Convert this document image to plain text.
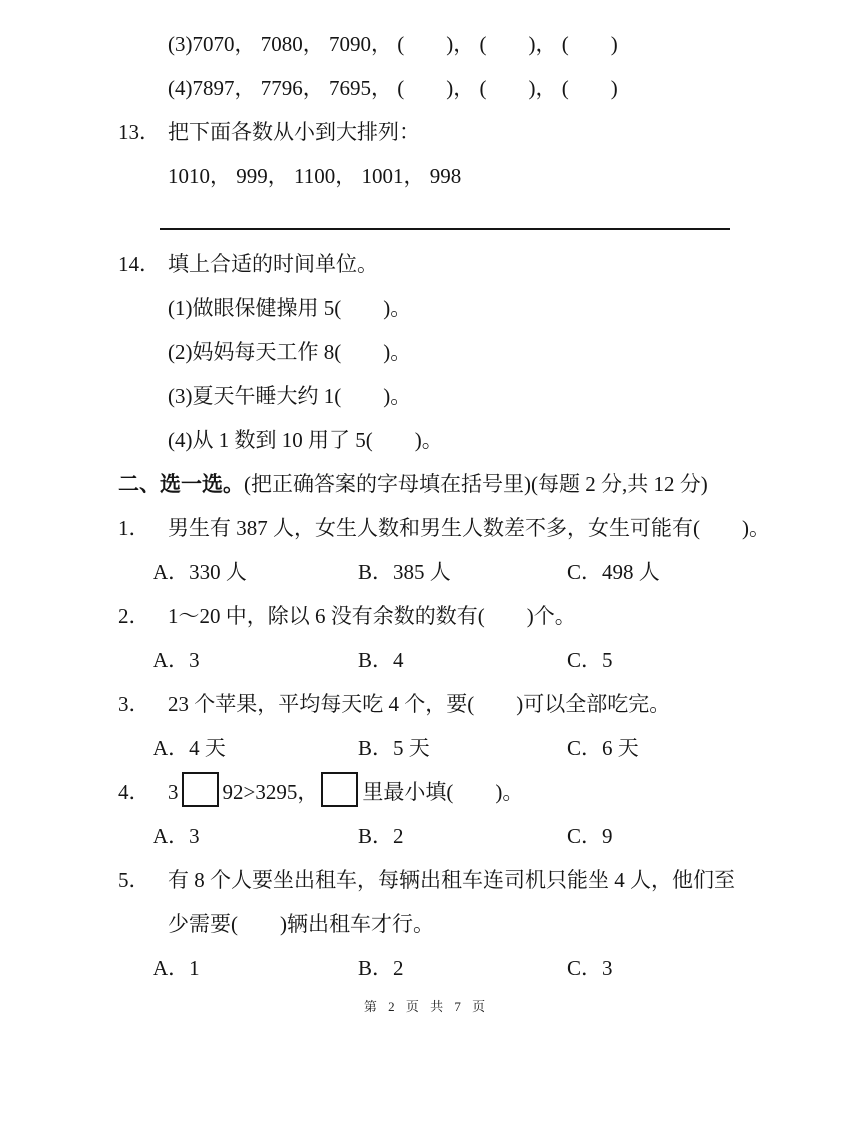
(3)7070， 7080， 7090， (　　)， (　　)， (　　)
(4)7897， 7796， 7695， (　　)， (　　)， (　　)
13． 把下面各数从小到大排列：
1010， 999， 1100， 1001， 998
14． 填上合适的时间单位。
(1)做眼保健操用 5(　　)。
(2)妈妈每天工作 8(　　)。
(3)夏天午睡大约 1(　　)。
(4)从 1 数到 10 用了 5(　　)。
二、选一选。(把正确答案的字母填在括号里)(每题 2 分,共 12 分)
1． 男生有 387 人，女生人数和男生人数差不多，女生可能有(　　)。
A．330 人	B．385 人	C．498 人
2． 1～20 中，除以 6 没有余数的数有(　　)个。
A．3	B．4	C．5
3． 23 个苹果，平均每天吃 4 个，要(　　)可以全部吃完。
A．4 天	B．5 天	C．6 天
4． 3 92>3295， 里最小填(　　)。
A．3	B．2	C．9
5． 有 8 个人要坐出租车，每辆出租车连司机只能坐 4 人，他们至少需要(　　)辆出租车才行。
A．1	B．2	C．3
第 2 页 共 7 页
